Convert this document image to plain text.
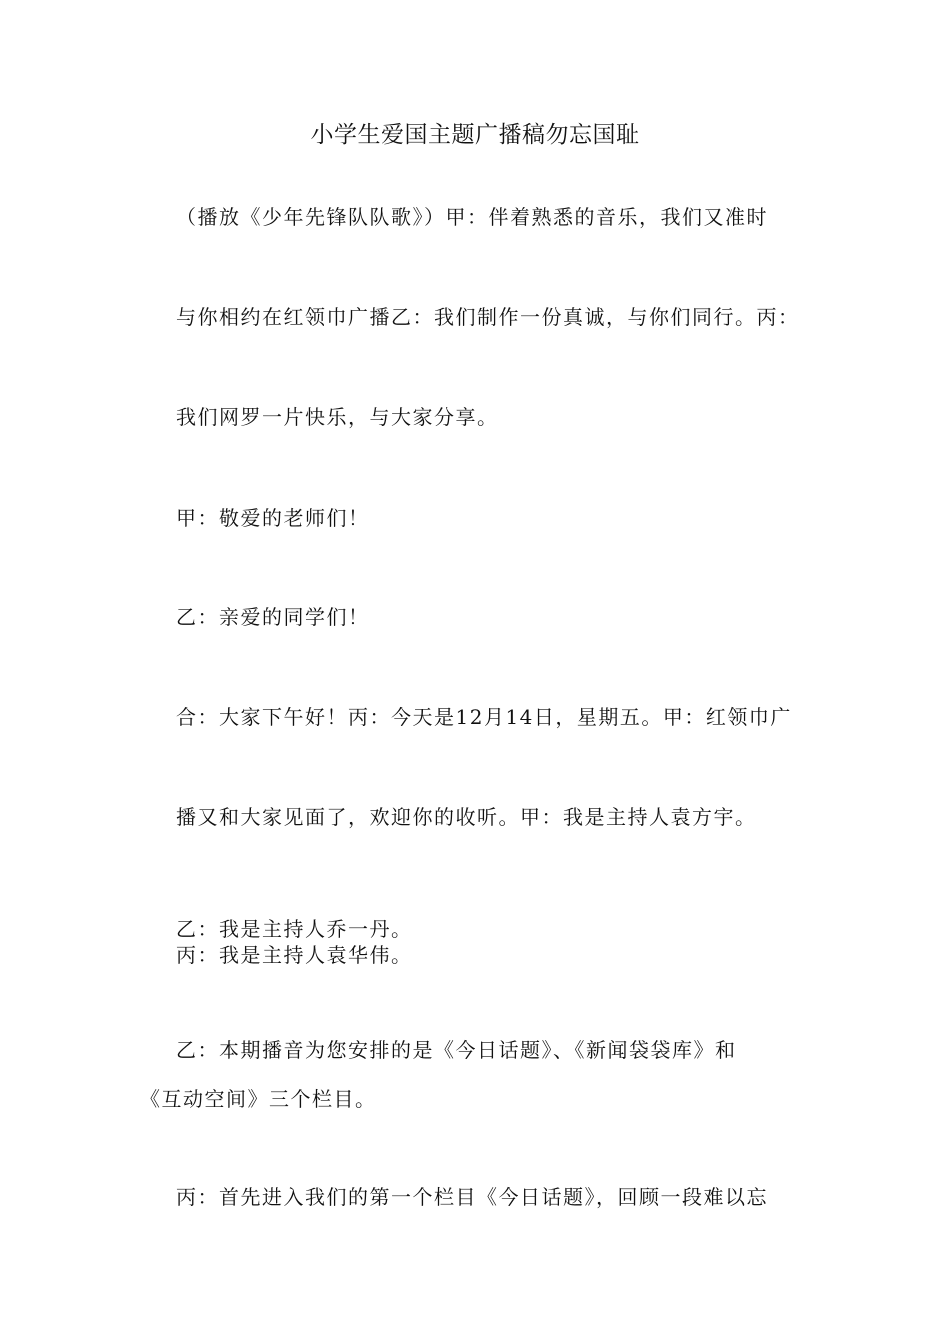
小学生爱国主题广播稿勿忘国耻
（播放《少年先锋队队歌》）甲：伴着熟悉的音乐，我们又准时
与你相约在红领巾广播乙：我们制作一份真诚，与你们同行。丙：
我们网罗一片快乐，与大家分享。
甲：敬爱的老师们！
乙：亲爱的同学们！
合：大家下午好！丙：今天是12月14日，星期五。甲：红领巾广
播又和大家见面了，欢迎你的收听。甲：我是主持人袁方宇。
乙：我是主持人乔一丹。
丙：我是主持人袁华伟。
乙：本期播音为您安排的是《今日话题》、《新闻袋袋库》和
《互动空间》三个栏目。
丙：首先进入我们的第一个栏目《今日话题》，回顾一段难以忘
